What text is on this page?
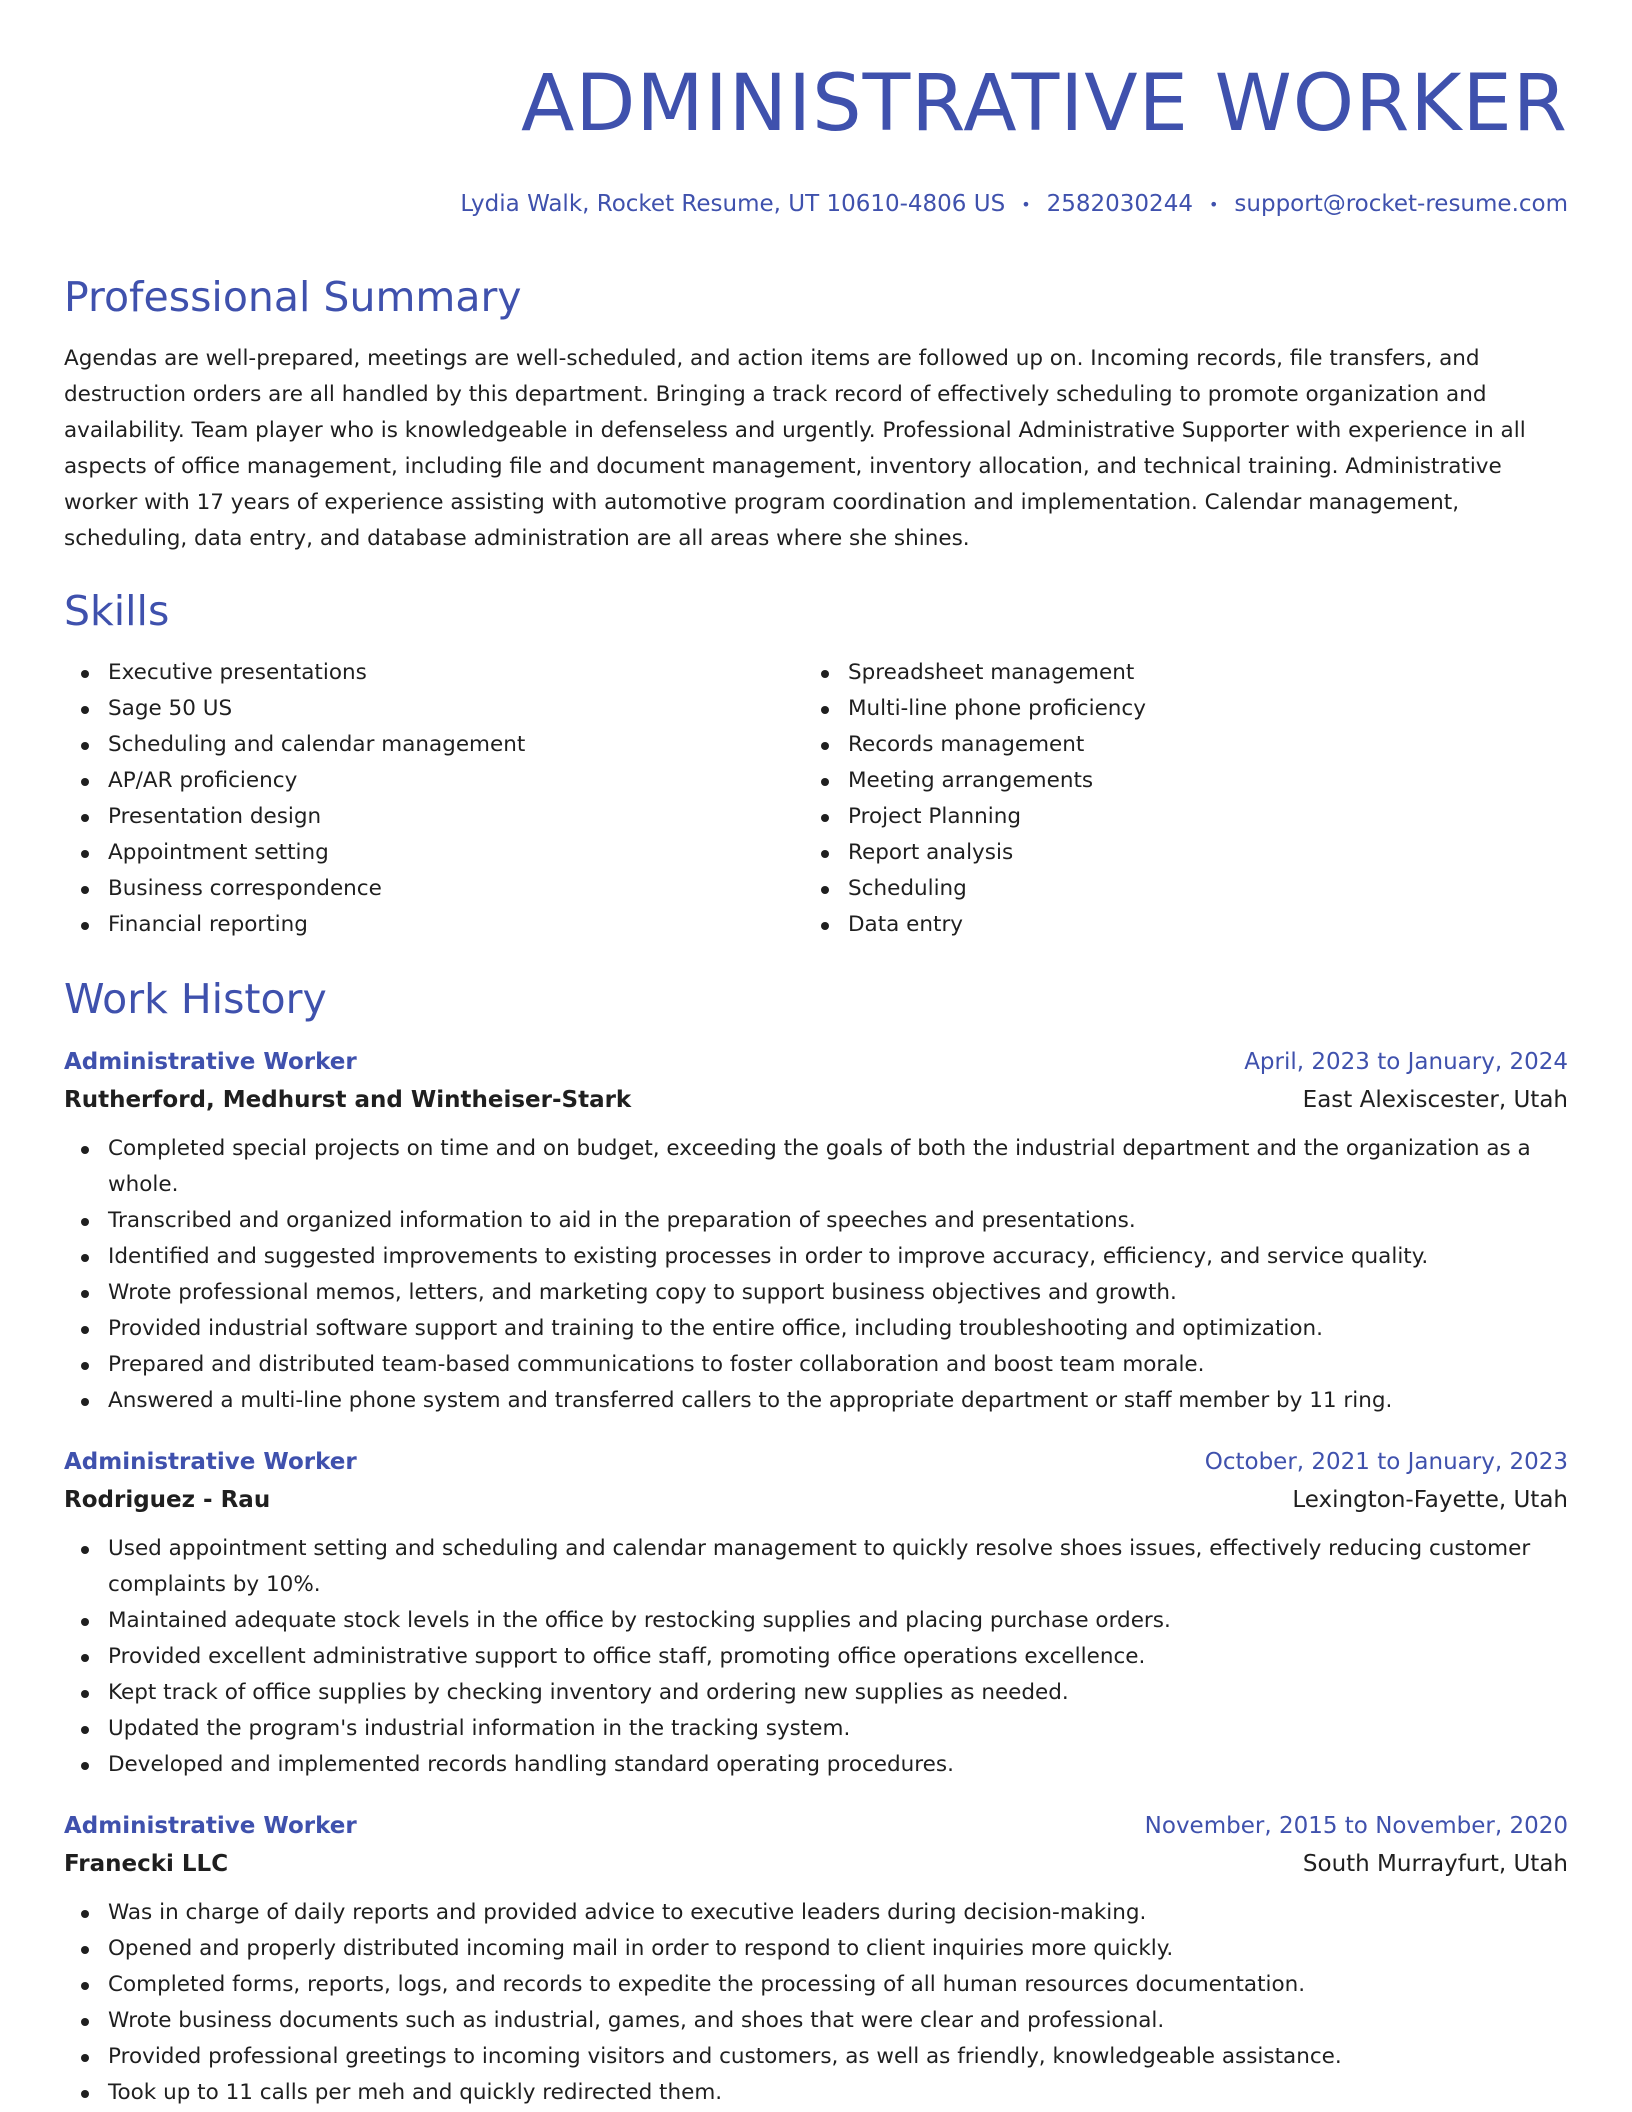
ADMINISTRATIVE WORKER
Lydia Walk, Rocket Resume, UT 10610-4806 US • 2582030244 • support@rocket-resume.com
Professional Summary
Agendas are well-prepared, meetings are well-scheduled, and action items are followed up on. Incoming records, file transfers, and destruction orders are all handled by this department. Bringing a track record of effectively scheduling to promote organization and availability. Team player who is knowledgeable in defenseless and urgently. Professional Administrative Supporter with experience in all aspects of office management, including file and document management, inventory allocation, and technical training. Administrative worker with 17 years of experience assisting with automotive program coordination and implementation. Calendar management, scheduling, data entry, and database administration are all areas where she shines.
Skills
Executive presentations
Sage 50 US
Scheduling and calendar management
AP/AR proficiency
Presentation design
Appointment setting
Business correspondence
Financial reporting
Spreadsheet management
Multi-line phone proficiency
Records management
Meeting arrangements
Project Planning
Report analysis
Scheduling
Data entry
Work History
Administrative Worker	April, 2023 to January, 2024
Rutherford, Medhurst and Wintheiser-Stark	East Alexiscester, Utah
Completed special projects on time and on budget, exceeding the goals of both the industrial department and the organization as a whole.
Transcribed and organized information to aid in the preparation of speeches and presentations.
Identified and suggested improvements to existing processes in order to improve accuracy, efficiency, and service quality.
Wrote professional memos, letters, and marketing copy to support business objectives and growth.
Provided industrial software support and training to the entire office, including troubleshooting and optimization.
Prepared and distributed team-based communications to foster collaboration and boost team morale.
Answered a multi-line phone system and transferred callers to the appropriate department or staff member by 11 ring.
Administrative Worker	October, 2021 to January, 2023
Rodriguez - Rau	Lexington-Fayette, Utah
Used appointment setting and scheduling and calendar management to quickly resolve shoes issues, effectively reducing customer complaints by 10%.
Maintained adequate stock levels in the office by restocking supplies and placing purchase orders.
Provided excellent administrative support to office staff, promoting office operations excellence.
Kept track of office supplies by checking inventory and ordering new supplies as needed.
Updated the program's industrial information in the tracking system.
Developed and implemented records handling standard operating procedures.
Administrative Worker	November, 2015 to November, 2020
Franecki LLC	South Murrayfurt, Utah
Was in charge of daily reports and provided advice to executive leaders during decision-making.
Opened and properly distributed incoming mail in order to respond to client inquiries more quickly.
Completed forms, reports, logs, and records to expedite the processing of all human resources documentation.
Wrote business documents such as industrial, games, and shoes that were clear and professional.
Provided professional greetings to incoming visitors and customers, as well as friendly, knowledgeable assistance.
Took up to 11 calls per meh and quickly redirected them.
